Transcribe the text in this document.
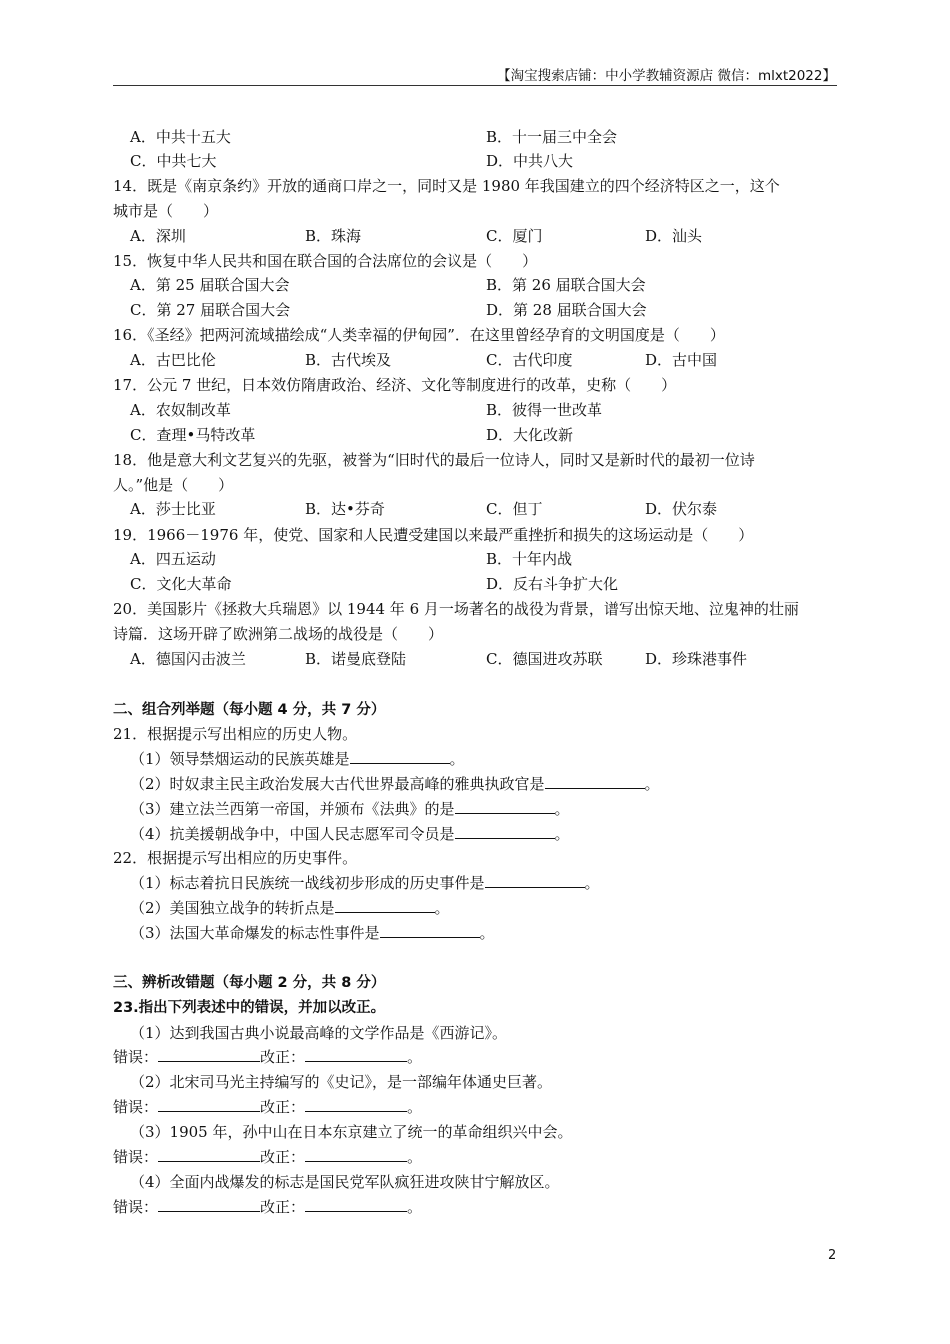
【淘宝搜索店铺：中小学教辅资源店 微信：mlxt2022】
A．中共十五大	B．十一届三中全会
C．中共七大	D．中共八大
14．既是《南京条约》开放的通商口岸之一，同时又是 1980 年我国建立的四个经济特区之一，这个
城市是（　　）
A．深圳	B．珠海	C．厦门	D．汕头
15．恢复中华人民共和国在联合国的合法席位的会议是（　　）
A．第 25 届联合国大会	B．第 26 届联合国大会
C．第 27 届联合国大会	D．第 28 届联合国大会
16．《圣经》把两河流域描绘成“人类幸福的伊甸园”．在这里曾经孕育的文明国度是（　　）
A．古巴比伦	B．古代埃及	C．古代印度	D．古中国
17．公元 7 世纪，日本效仿隋唐政治、经济、文化等制度进行的改革，史称（　　）
A．农奴制改革	B．彼得一世改革
C．查理•马特改革	D．大化改新
18．他是意大利文艺复兴的先驱，被誉为“旧时代的最后一位诗人，同时又是新时代的最初一位诗
人。”他是（　　）
A．莎士比亚	B．达•芬奇	C．但丁	D．伏尔泰
19．1966－1976 年，使党、国家和人民遭受建国以来最严重挫折和损失的这场运动是（　　）
A．四五运动	B．十年内战
C．文化大革命	D．反右斗争扩大化
20．美国影片《拯救大兵瑞恩》以 1944 年 6 月一场著名的战役为背景，谱写出惊天地、泣鬼神的壮丽
诗篇．这场开辟了欧洲第二战场的战役是（　　）
A．德国闪击波兰	B．诺曼底登陆	C．德国进攻苏联	D．珍珠港事件
二、组合列举题（每小题 4 分，共 7 分）
21．根据提示写出相应的历史人物。
（1）领导禁烟运动的民族英雄是	。
（2）时奴隶主民主政治发展大古代世界最高峰的雅典执政官是	。
（3）建立法兰西第一帝国，并颁布《法典》的是	。
（4）抗美援朝战争中，中国人民志愿军司令员是	。
22．根据提示写出相应的历史事件。
（1）标志着抗日民族统一战线初步形成的历史事件是	。
（2）美国独立战争的转折点是	。
（3）法国大革命爆发的标志性事件是	。
三、辨析改错题（每小题 2 分，共 8 分）
23.指出下列表述中的错误，并加以改正。
（1）达到我国古典小说最高峰的文学作品是《西游记》。
错误：	改正：	。
（2）北宋司马光主持编写的《史记》，是一部编年体通史巨著。
错误：	改正：	。
（3）1905 年，孙中山在日本东京建立了统一的革命组织兴中会。
错误：	改正：	。
（4）全面内战爆发的标志是国民党军队疯狂进攻陕甘宁解放区。
错误：	改正：	。
2
